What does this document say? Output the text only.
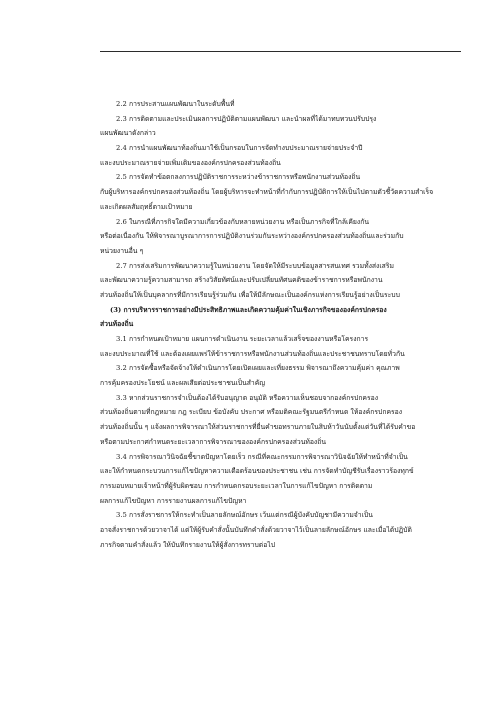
2.2 การประสานแผนพัฒนาในระดับพื้นที่
2.3 การติดตามและประเมินผลการปฏิบัติตามแผนพัฒนา และนำผลที่ได้มาทบทวนปรับปรุง
แผนพัฒนาดังกล่าว
2.4 การนำแผนพัฒนาท้องถิ่นมาใช้เป็นกรอบในการจัดทำงบประมาณรายจ่ายประจำปี
และงบประมาณรายจ่ายเพิ่มเติมขององค์กรปกครองส่วนท้องถิ่น
2.5 การจัดทำข้อตกลงการปฏิบัติราชการระหว่างข้าราชการหรือพนักงานส่วนท้องถิ่น
กับผู้บริหารองค์กรปกครองส่วนท้องถิ่น โดยผู้บริหารจะทำหน้าที่กำกับการปฏิบัติการให้เป็นไปตามตัวชี้วัดความสำเร็จ
และเกิดผลสัมฤทธิ์ตามเป้าหมาย
2.6 ในกรณีที่ภารกิจใดมีความเกี่ยวข้องกับหลายหน่วยงาน หรือเป็นภารกิจที่ใกล้เคียงกัน
หรือต่อเนื่องกัน ให้พิจารณาบูรณาการการปฏิบัติงานร่วมกันระหว่างองค์กรปกครองส่วนท้องถิ่นและร่วมกับ
หน่วยงานอื่น ๆ
2.7 การส่งเสริมการพัฒนาความรู้ในหน่วยงาน โดยจัดให้มีระบบข้อมูลสารสนเทศ รวมทั้งส่งเสริม
และพัฒนาความรู้ความสามารถ สร้างวิสัยทัศน์และปรับเปลี่ยนทัศนคติของข้าราชการหรือพนักงาน
ส่วนท้องถิ่นให้เป็นบุคลากรที่มีการเรียนรู้ร่วมกัน เพื่อให้มีลักษณะเป็นองค์กรแห่งการเรียนรู้อย่างเป็นระบบ
(3) การบริหารราชการอย่างมีประสิทธิภาพและเกิดความคุ้มค่าในเชิงภารกิจขององค์กรปกครอง
ส่วนท้องถิ่น
3.1 การกำหนดเป้าหมาย แผนการดำเนินงาน ระยะเวลาแล้วเสร็จของงานหรือโครงการ
และงบประมาณที่ใช้ และต้องเผยแพร่ให้ข้าราชการหรือพนักงานส่วนท้องถิ่นและประชาชนทราบโดยทั่วกัน
3.2 การจัดซื้อหรือจัดจ้างให้ดำเนินการโดยเปิดเผยและเที่ยงธรรม พิจารณาถึงความคุ้มค่า คุณภาพ
การคุ้มครองประโยชน์ และผลเสียต่อประชาชนเป็นสำคัญ
3.3 หากส่วนราชการจำเป็นต้องได้รับอนุญาต อนุมัติ หรือความเห็นชอบจากองค์กรปกครอง
ส่วนท้องถิ่นตามที่กฎหมาย กฎ ระเบียบ ข้อบังคับ ประกาศ หรือมติคณะรัฐมนตรีกำหนด ให้องค์กรปกครอง
ส่วนท้องถิ่นนั้น ๆ แจ้งผลการพิจารณาให้ส่วนราชการที่ยื่นคำขอทราบภายในสิบห้าวันนับตั้งแต่วันที่ได้รับคำขอ
หรือตามประกาศกำหนดระยะเวลาการพิจารณาขององค์กรปกครองส่วนท้องถิ่น
3.4 การพิจารณาวินิจฉัยชี้ขาดปัญหาโดยเร็ว กรณีที่คณะกรรมการพิจารณาวินิจฉัยให้ทำหน้าที่จำเป็น
และให้กำหนดกระบวนการแก้ไขปัญหาความเดือดร้อนของประชาชน เช่น การจัดทำบัญชีรับเรื่องราวร้องทุกข์
การมอบหมายเจ้าหน้าที่ผู้รับผิดชอบ การกำหนดกรอบระยะเวลาในการแก้ไขปัญหา การติดตาม
ผลการแก้ไขปัญหา การรายงานผลการแก้ไขปัญหา
3.5 การสั่งราชการให้กระทำเป็นลายลักษณ์อักษร เว้นแต่กรณีผู้บังคับบัญชามีความจำเป็น
อาจสั่งราชการด้วยวาจาได้ แต่ให้ผู้รับคำสั่งนั้นบันทึกคำสั่งด้วยวาจาไว้เป็นลายลักษณ์อักษร และเมื่อได้ปฏิบัติ
ภารกิจตามคำสั่งแล้ว ให้บันทึกรายงานให้ผู้สั่งการทราบต่อไป
